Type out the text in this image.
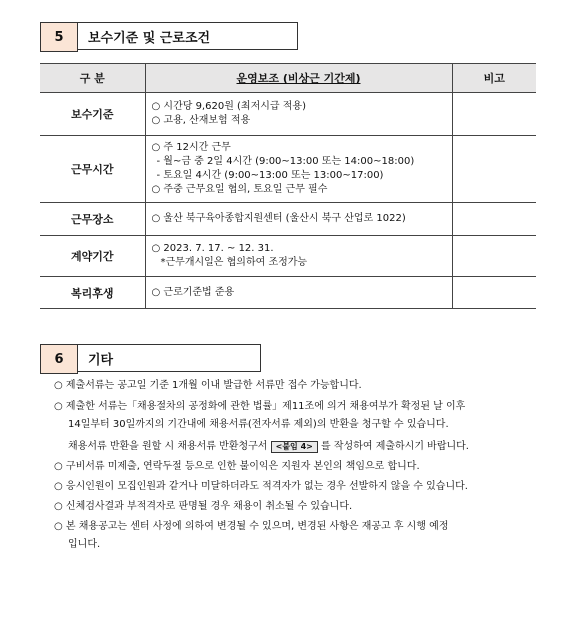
5	보수기준 및 근로조건
구 분	운영보조 (비상근 기간제)	비고
보수기준	○ 시간당 9,620원 (최저시급 적용)
○ 고용, 산재보험 적용	

근무시간	○ 주 12시간 근무
- 월~금 중 2일 4시간 (9:00~13:00 또는 14:00~18:00)
- 토요일 4시간 (9:00~13:00 또는 13:00~17:00)
○ 주중 근무요일 협의, 토요일 근무 필수	

근무장소	○ 울산 북구육아종합지원센터 (울산시 북구 산업로 1022)	

계약기간	○ 2023. 7. 17. ~ 12. 31.
*근무개시일은 협의하여 조정가능	

복리후생	○ 근로기준법 준용	

6	기타
○ 제출서류는 공고일 기준 1개월 이내 발급한 서류만 접수 가능합니다.
○ 제출한 서류는「채용절차의 공정화에 관한 법률」제11조에 의거 채용여부가 확정된 날 이후
14일부터 30일까지의 기간내에 채용서류(전자서류 제외)의 반환을 청구할 수 있습니다.
채용서류 반환을 원할 시 채용서류 반환청구서 <붙임 4> 를 작성하여 제출하시기 바랍니다.
○ 구비서류 미제출, 연락두절 등으로 인한 불이익은 지원자 본인의 책임으로 합니다.
○ 응시인원이 모집인원과 같거나 미달하더라도 적격자가 없는 경우 선발하지 않을 수 있습니다.
○ 신체검사결과 부적격자로 판명될 경우 채용이 취소될 수 있습니다.
○ 본 채용공고는 센터 사정에 의하여 변경될 수 있으며, 변경된 사항은 재공고 후 시행 예정
입니다.
